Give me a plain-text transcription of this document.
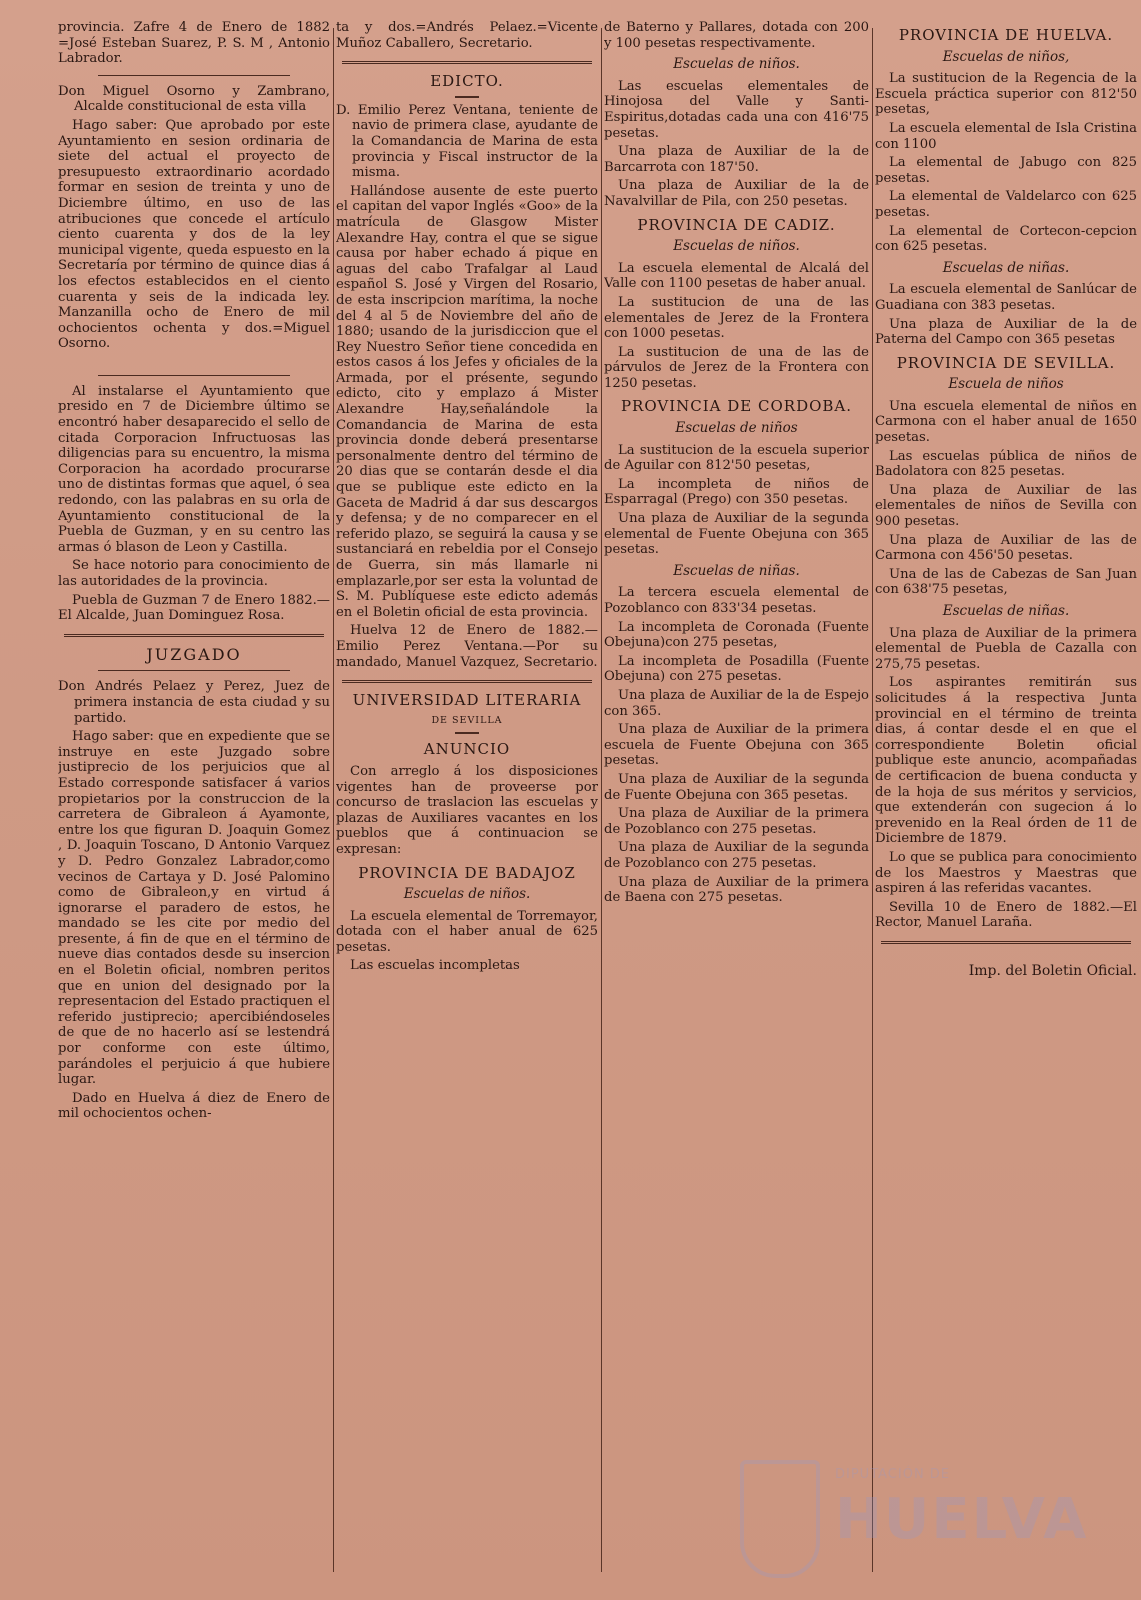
provincia. Zafre 4 de Enero de 1882 =José Esteban Suarez, P. S. M , Antonio Labrador.

Don Miguel Osorno y Zambrano, Alcalde constitucional de esta villa

Hago saber: Que aprobado por este Ayuntamiento en sesion ordinaria de siete del actual el proyecto de presupuesto extraordinario acordado formar en sesion de treinta y uno de Diciembre último, en uso de las atribuciones que concede el artículo ciento cuarenta y dos de la ley municipal vigente, queda espuesto en la Secretaría por término de quince dias á los efectos establecidos en el ciento cuarenta y seis de la indicada ley. Manzanilla ocho de Enero de mil ochocientos ochenta y dos.=Miguel Osorno.

Al instalarse el Ayuntamiento que presido en 7 de Diciembre último se encontró haber desaparecido el sello de citada Corporacion Infructuosas las diligencias para su encuentro, la misma Corporacion ha acordado procurarse uno de distintas formas que aquel, ó sea redondo, con las palabras en su orla de Ayuntamiento constitucional de la Puebla de Guzman, y en su centro las armas ó blason de Leon y Castilla.

Se hace notorio para conocimiento de las autoridades de la provincia.

Puebla de Guzman 7 de Enero 1882.—El Alcalde, Juan Dominguez Rosa.

JUZGADO

Don Andrés Pelaez y Perez, Juez de primera instancia de esta ciudad y su partido.

Hago saber: que en expediente que se instruye en este Juzgado sobre justiprecio de los perjuicios que al Estado corresponde satisfacer á varios propietarios por la construccion de la carretera de Gibraleon á Ayamonte, entre los que figuran D. Joaquin Gomez , D. Joaquin Toscano, D Antonio Varquez y D. Pedro Gonzalez Labrador,como vecinos de Cartaya y D. José Palomino como de Gibraleon,y en virtud á ignorarse el paradero de estos, he mandado se les cite por medio del presente, á fin de que en el término de nueve dias contados desde su insercion en el Boletin oficial, nombren peritos que en union del designado por la representacion del Estado practiquen el referido justiprecio; apercibiéndoseles de que de no hacerlo así se lestendrá por conforme con este último, parándoles el perjuicio á que hubiere lugar.

Dado en Huelva á diez de Enero de mil ochocientos ochen-

ta y dos.=Andrés Pelaez.=Vicente Muñoz Caballero, Secretario.

EDICTO.

D. Emilio Perez Ventana, teniente de navio de primera clase, ayudante de la Comandancia de Marina de esta provincia y Fiscal instructor de la misma.

Hallándose ausente de este puerto el capitan del vapor Inglés «Goo» de la matrícula de Glasgow Mister Alexandre Hay, contra el que se sigue causa por haber echado á pique en aguas del cabo Trafalgar al Laud español S. José y Virgen del Rosario, de esta inscripcion marítima, la noche del 4 al 5 de Noviembre del año de 1880; usando de la jurisdiccion que el Rey Nuestro Señor tiene concedida en estos casos á los Jefes y oficiales de la Armada, por el présente, segundo edicto, cito y emplazo á Mister Alexandre Hay,señalándole la Comandancia de Marina de esta provincia donde deberá presentarse personalmente dentro del término de 20 dias que se contarán desde el dia que se publique este edicto en la Gaceta de Madrid á dar sus descargos y defensa; y de no comparecer en el referido plazo, se seguirá la causa y se sustanciará en rebeldia por el Consejo de Guerra, sin más llamarle ni emplazarle,por ser esta la voluntad de S. M. Publíquese este edicto además en el Boletin oficial de esta provincia.

Huelva 12 de Enero de 1882.—Emilio Perez Ventana.—Por su mandado, Manuel Vazquez, Secretario.

UNIVERSIDAD LITERARIA
DE SEVILLA
ANUNCIO

Con arreglo á los disposiciones vigentes han de proveerse por concurso de traslacion las escuelas y plazas de Auxiliares vacantes en los pueblos que á continuacion se expresan:

PROVINCIA DE BADAJOZ
Escuelas de niños.

La escuela elemental de Torremayor, dotada con el haber anual de 625 pesetas.

Las escuelas incompletas

de Baterno y Pallares, dotada con 200 y 100 pesetas respectivamente.

Escuelas de niños.

Las escuelas elementales de Hinojosa del Valle y Santi-Espiritus,dotadas cada una con 416'75 pesetas.

Una plaza de Auxiliar de la de Barcarrota con 187'50.

Una plaza de Auxiliar de la de Navalvillar de Pila, con 250 pesetas.

PROVINCIA DE CADIZ.
Escuelas de niños.

La escuela elemental de Alcalá del Valle con 1100 pesetas de haber anual.

La sustitucion de una de las elementales de Jerez de la Frontera con 1000 pesetas.

La sustitucion de una de las de párvulos de Jerez de la Frontera con 1250 pesetas.

PROVINCIA DE CORDOBA.
Escuelas de niños

La sustitucion de la escuela superior de Aguilar con 812'50 pesetas,

La incompleta de niños de Esparragal (Prego) con 350 pesetas.

Una plaza de Auxiliar de la segunda elemental de Fuente Obejuna con 365 pesetas.

Escuelas de niñas.

La tercera escuela elemental de Pozoblanco con 833'34 pesetas.

La incompleta de Coronada (Fuente Obejuna)con 275 pesetas,

La incompleta de Posadilla (Fuente Obejuna) con 275 pesetas.

Una plaza de Auxiliar de la de Espejo con 365.

Una plaza de Auxiliar de la primera escuela de Fuente Obejuna con 365 pesetas.

Una plaza de Auxiliar de la segunda de Fuente Obejuna con 365 pesetas.

Una plaza de Auxiliar de la primera de Pozoblanco con 275 pesetas.

Una plaza de Auxiliar de la segunda de Pozoblanco con 275 pesetas.

Una plaza de Auxiliar de la primera de Baena con 275 pesetas.

PROVINCIA DE HUELVA.
Escuelas de niños,

La sustitucion de la Regencia de la Escuela práctica superior con 812'50 pesetas,

La escuela elemental de Isla Cristina con 1100

La elemental de Jabugo con 825 pesetas.

La elemental de Valdelarco con 625 pesetas.

La elemental de Cortecon-cepcion con 625 pesetas.

Escuelas de niñas.

La escuela elemental de Sanlúcar de Guadiana con 383 pesetas.

Una plaza de Auxiliar de la de Paterna del Campo con 365 pesetas

PROVINCIA DE SEVILLA.
Escuela de niños

Una escuela elemental de niños en Carmona con el haber anual de 1650 pesetas.

Las escuelas pública de niños de Badolatora con 825 pesetas.

Una plaza de Auxiliar de las elementales de niños de Sevilla con 900 pesetas.

Una plaza de Auxiliar de las de Carmona con 456'50 pesetas.

Una de las de Cabezas de San Juan con 638'75 pesetas,

Escuelas de niñas.

Una plaza de Auxiliar de la primera elemental de Puebla de Cazalla con 275,75 pesetas.

Los aspirantes remitirán sus solicitudes á la respectiva Junta provincial en el término de treinta dias, á contar desde el en que el correspondiente Boletin oficial publique este anuncio, acompañadas de certificacion de buena conducta y de la hoja de sus méritos y servicios, que extenderán con sugecion á lo prevenido en la Real órden de 11 de Diciembre de 1879.

Lo que se publica para conocimiento de los Maestros y Maestras que aspiren á las referidas vacantes.

Sevilla 10 de Enero de 1882.—El Rector, Manuel Laraña.

Imp. del Boletin Oficial.
DIPUTACIÓN DE
HUELVA
